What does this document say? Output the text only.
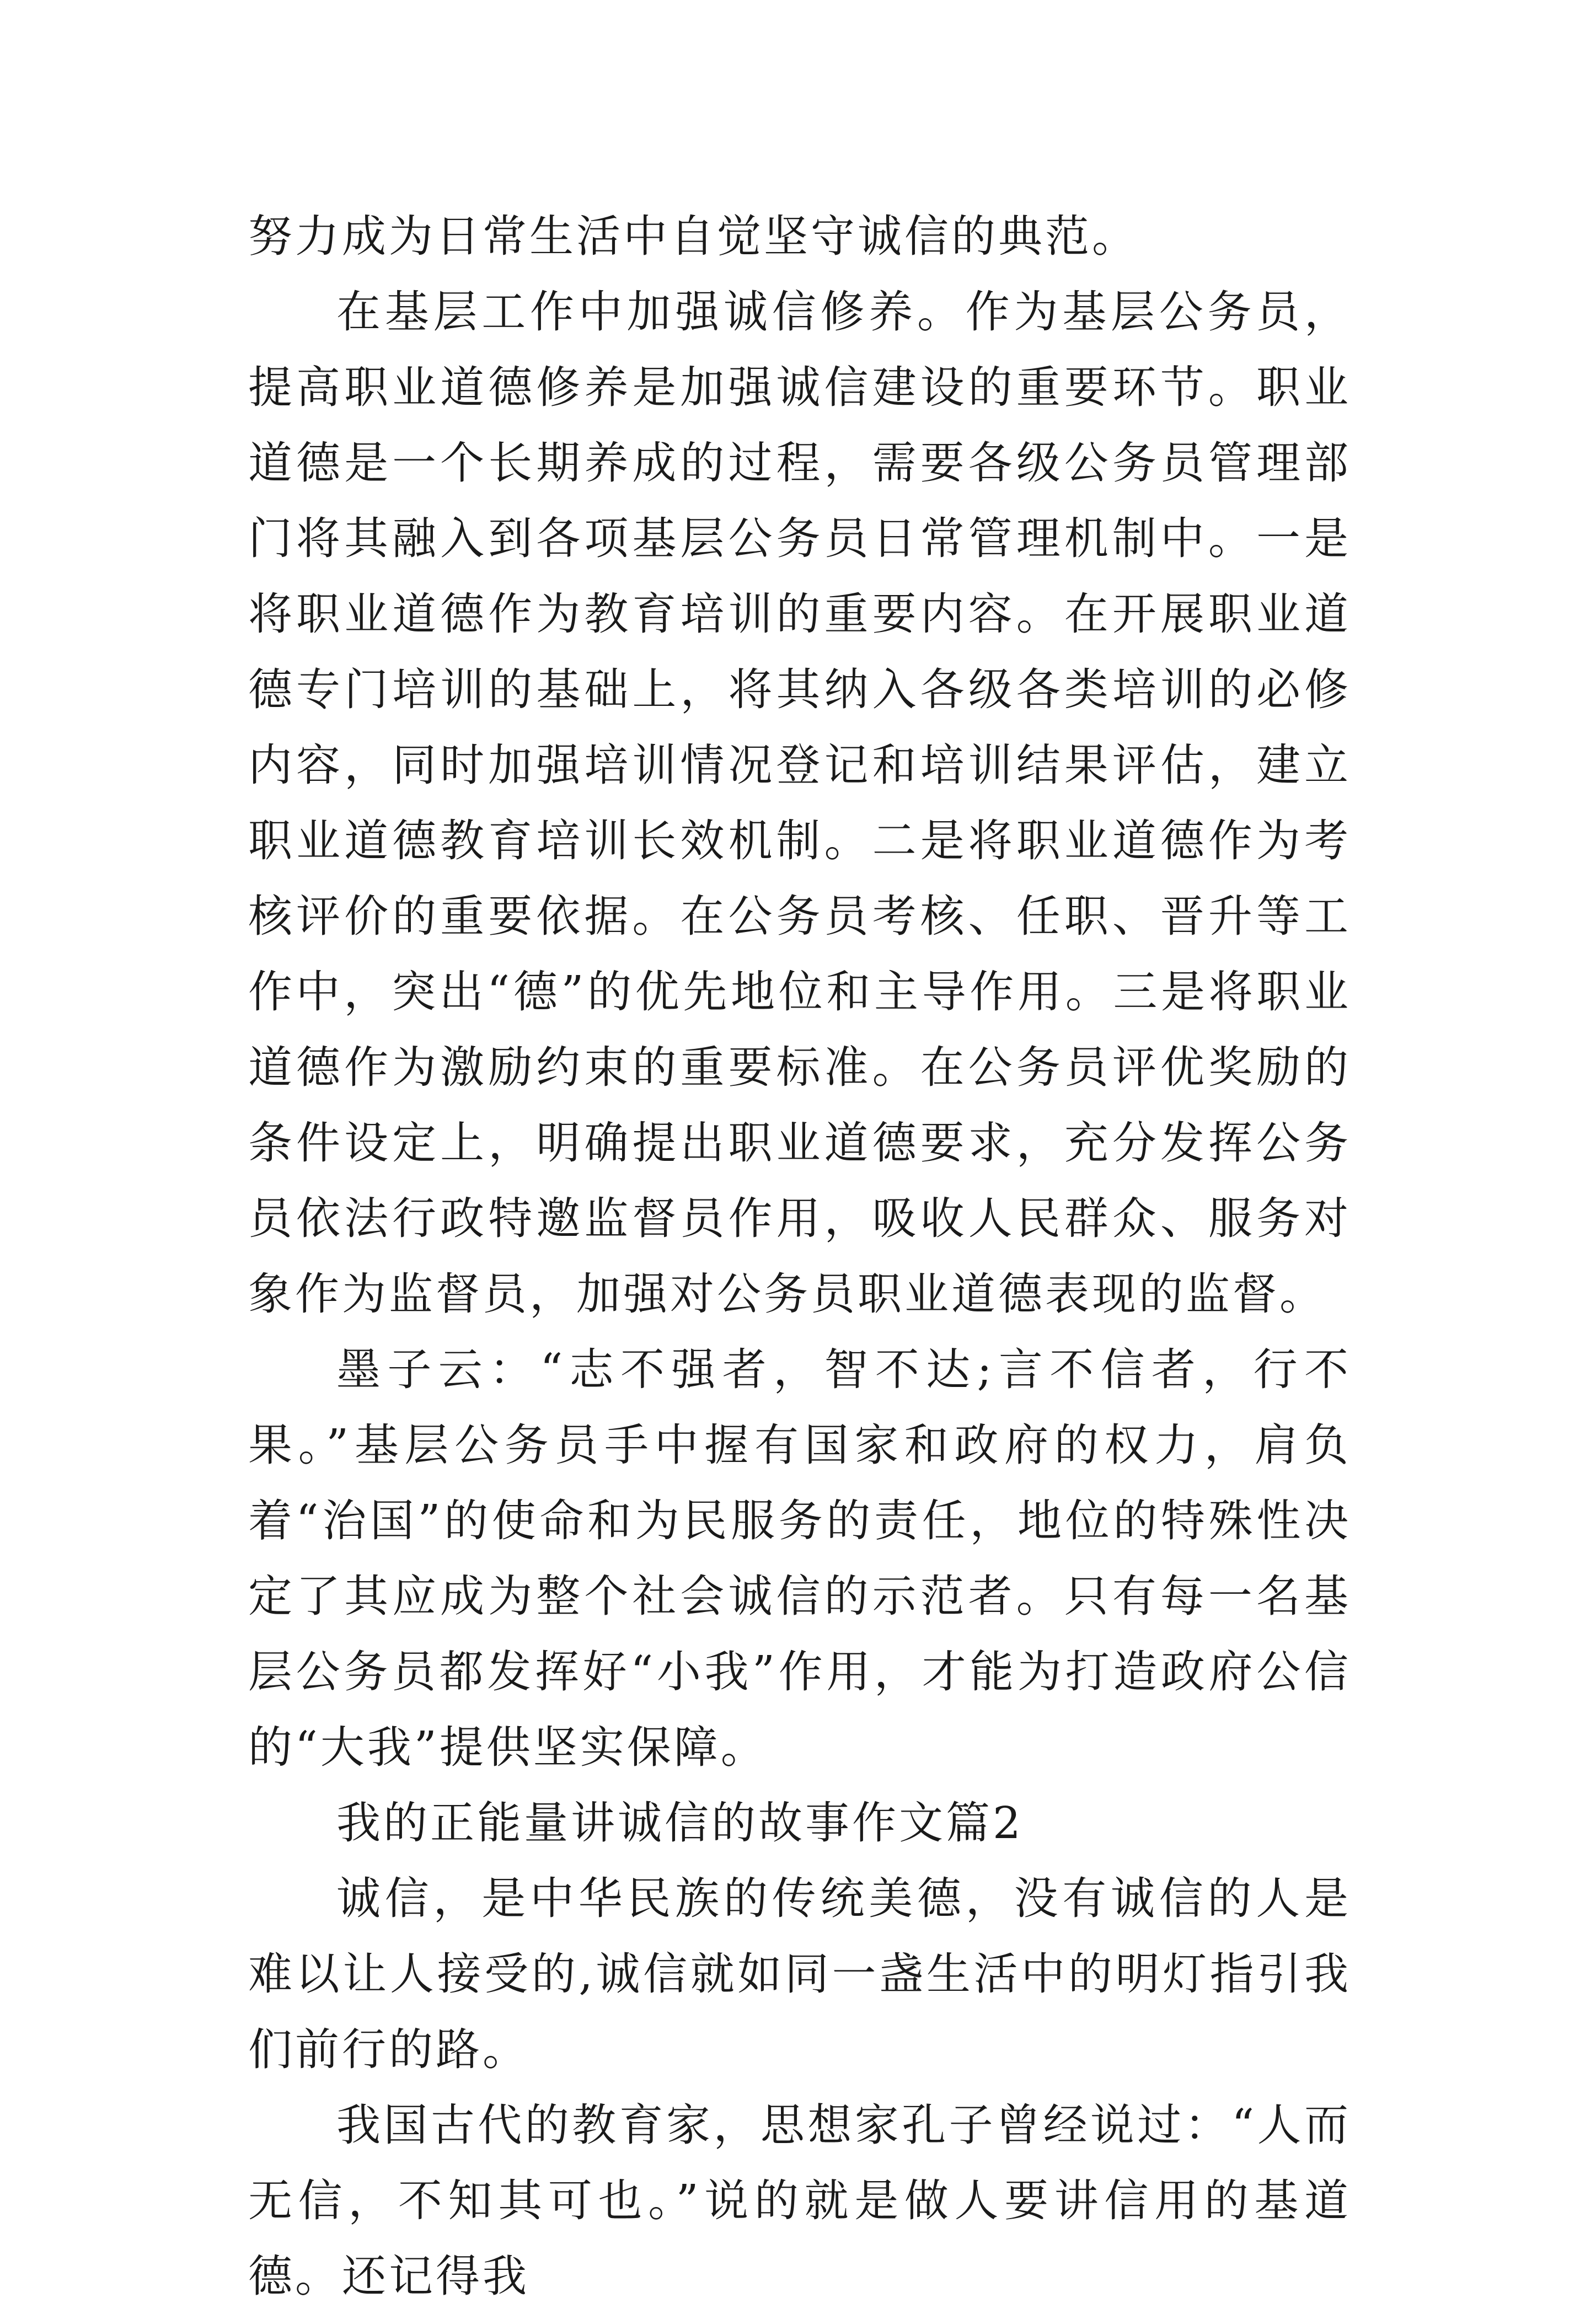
努力成为日常生活中自觉坚守诚信的典范。

在基层工作中加强诚信修养。作为基层公务员，提高职业道德修养是加强诚信建设的重要环节。职业道德是一个长期养成的过程，需要各级公务员管理部门将其融入到各项基层公务员日常管理机制中。一是将职业道德作为教育培训的重要内容。在开展职业道德专门培训的基础上，将其纳入各级各类培训的必修内容，同时加强培训情况登记和培训结果评估，建立职业道德教育培训长效机制。二是将职业道德作为考核评价的重要依据。在公务员考核、任职、晋升等工作中，突出“德”的优先地位和主导作用。三是将职业道德作为激励约束的重要标准。在公务员评优奖励的条件设定上，明确提出职业道德要求，充分发挥公务员依法行政特邀监督员作用，吸收人民群众、服务对象作为监督员，加强对公务员职业道德表现的监督。

墨子云：“志不强者，智不达;言不信者，行不果。”基层公务员手中握有国家和政府的权力，肩负着“治国”的使命和为民服务的责任，地位的特殊性决定了其应成为整个社会诚信的示范者。只有每一名基层公务员都发挥好“小我”作用，才能为打造政府公信的“大我”提供坚实保障。

我的正能量讲诚信的故事作文篇2

诚信，是中华民族的传统美德，没有诚信的人是难以让人接受的,诚信就如同一盏生活中的明灯指引我们前行的路。

我国古代的教育家，思想家孔子曾经说过：“人而无信，不知其可也。”说的就是做人要讲信用的基道德。还记得我
